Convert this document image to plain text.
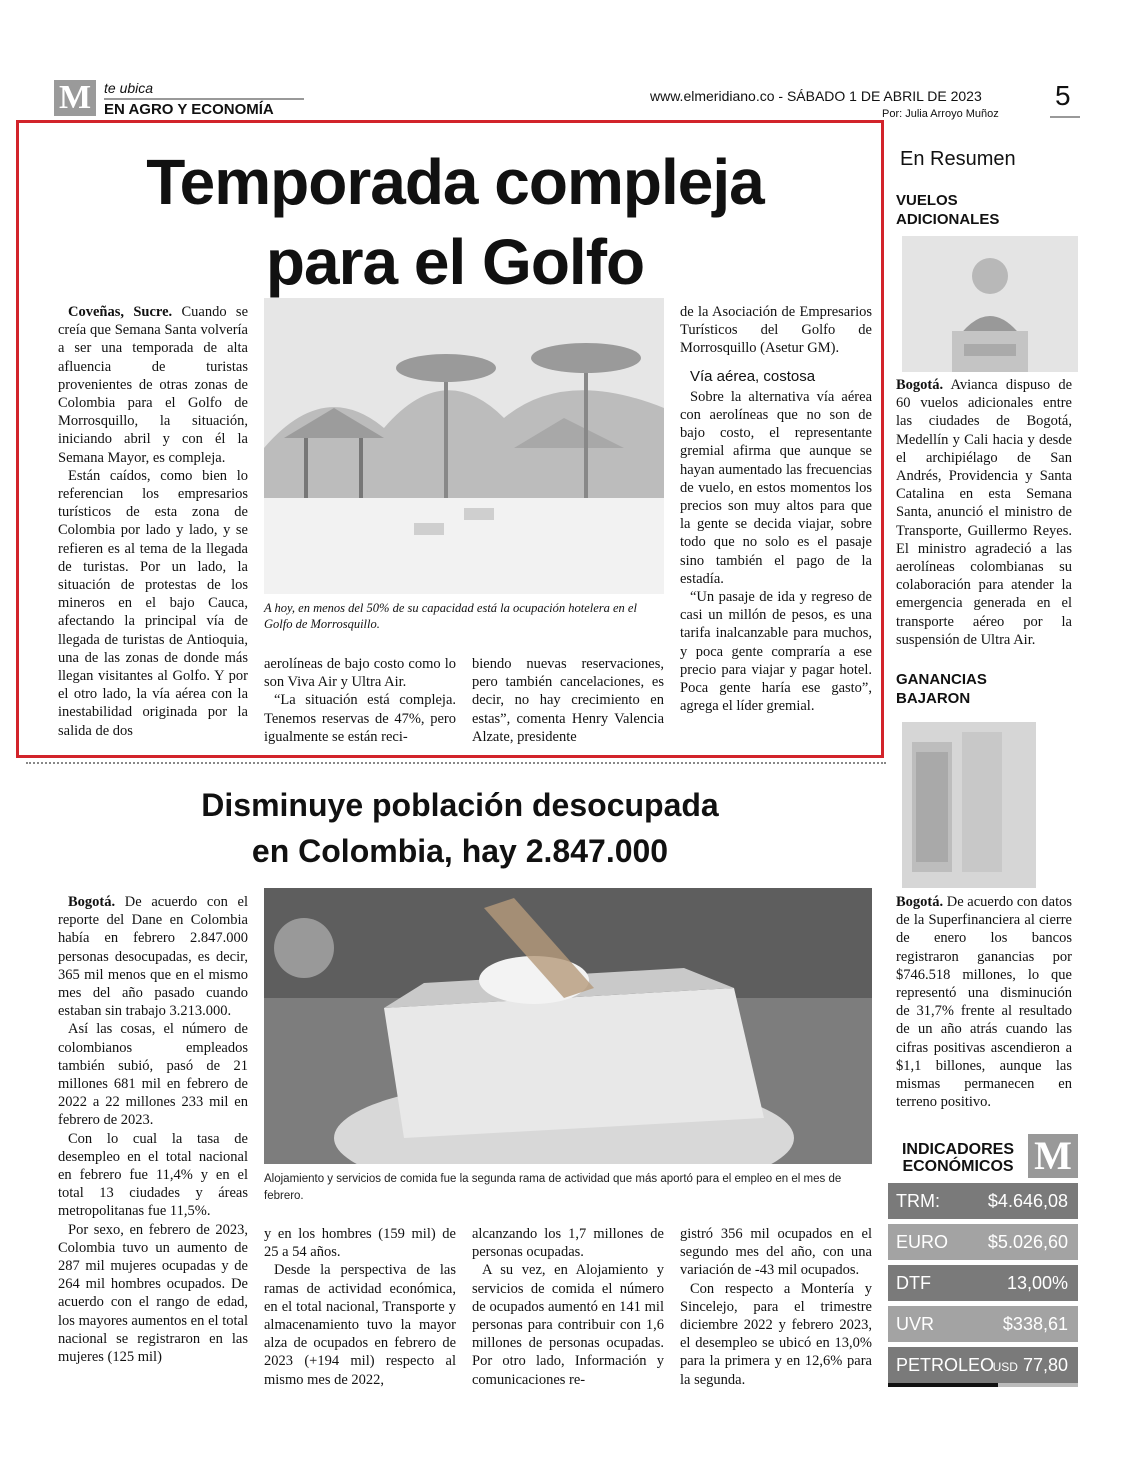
M te ubica
EN AGRO Y ECONOMÍA
www.elmeridiano.co - SÁBADO 1 DE ABRIL DE 2023
Por: Julia Arroyo Muñoz
5
Temporada compleja
para el Golfo

Coveñas, Sucre. Cuando se creía que Semana Santa volvería a ser una temporada de alta afluencia de turistas provenientes de otras zonas de Colombia para el Golfo de Morrosquillo, la situación, iniciando abril y con él la Semana Mayor, es compleja.

Están caídos, como bien lo referencian los empresarios turísticos de esta zona de Colombia por lado y lado, y se refieren es al tema de la llegada de turistas. Por un lado, la situación de protestas de los mineros en el bajo Cauca, afectando la principal vía de llegada de turistas de Antioquia, una de las zonas de donde más llegan visitantes al Golfo. Y por el otro lado, la vía aérea con la inestabilidad originada por la salida de dos

A hoy, en menos del 50% de su capacidad está la ocupación hotelera en el Golfo de Morrosquillo.

aerolíneas de bajo costo como lo son Viva Air y Ultra Air.

“La situación está compleja. Tenemos reservas de 47%, pero igualmente se están reci-

biendo nuevas reservaciones, pero también cancelaciones, es decir, no hay crecimiento en estas”, comenta Henry Valencia Alzate, presidente

de la Asociación de Empresarios Turísticos del Golfo de Morrosquillo (Asetur GM).

Vía aérea, costosa

Sobre la alternativa vía aérea con aerolíneas que no son de bajo costo, el representante gremial afirma que aunque se hayan aumentado las frecuencias de vuelo, en estos momentos los precios son muy altos para que la gente se decida viajar, sobre todo que no solo es el pasaje sino también el pago de la estadía.

“Un pasaje de ida y regreso de casi un millón de pesos, es una tarifa inalcanzable para muchos, y poca gente compraría a ese precio para viajar y pagar hotel. Poca gente haría ese gasto”, agrega el líder gremial.

Disminuye población desocupada
en Colombia, hay 2.847.000

Bogotá. De acuerdo con el reporte del Dane en Colombia había en febrero 2.847.000 personas desocupadas, es decir, 365 mil menos que en el mismo mes del año pasado cuando estaban sin trabajo 3.213.000.

Así las cosas, el número de colombianos empleados también subió, pasó de 21 millones 681 mil en febrero de 2022 a 22 millones 233 mil en febrero de 2023.

Con lo cual la tasa de desempleo en el total nacional en febrero fue 11,4% y en el total 13 ciudades y áreas metropolitanas fue 11,5%.

Por sexo, en febrero de 2023, Colombia tuvo un aumento de 287 mil mujeres ocupadas y de 264 mil hombres ocupados. De acuerdo con el rango de edad, los mayores aumentos en el total nacional se registraron en las mujeres (125 mil)

Alojamiento y servicios de comida fue la segunda rama de actividad que más aportó para el empleo en el mes de febrero.

y en los hombres (159 mil) de 25 a 54 años.

Desde la perspectiva de las ramas de actividad económica, en el total nacional, Transporte y almacenamiento tuvo la mayor alza de ocupados en febrero de 2023 (+194 mil) respecto al mismo mes de 2022,

alcanzando los 1,7 millones de personas ocupadas.

A su vez, en Alojamiento y servicios de comida el número de ocupados aumentó en 141 mil personas para contribuir con 1,6 millones de personas ocupadas. Por otro lado, Información y comunicaciones re-

gistró 356 mil ocupados en el segundo mes del año, con una variación de -43 mil ocupados.

Con respecto a Montería y Sincelejo, para el trimestre diciembre 2022 y febrero 2023, el desempleo se ubicó en 13,0% para la primera y en 12,6% para la segunda.

En Resumen
VUELOS ADICIONALES
Bogotá. Avianca dispuso de 60 vuelos adicionales entre las ciudades de Bogotá, Medellín y Cali hacia y desde el archipiélago de San Andrés, Providencia y Santa Catalina en esta Semana Santa, anunció el ministro de Transporte, Guillermo Reyes. El ministro agradeció a las aerolíneas colombianas su colaboración para atender la emergencia generada en el transporte aéreo por la suspensión de Ultra Air.
GANANCIAS BAJARON
Bogotá. De acuerdo con datos de la Superfinanciera al cierre de enero los bancos registraron ganancias por $746.518 millones, lo que representó una disminución de 31,7% frente al resultado de un año atrás cuando las cifras positivas ascendieron a $1,1 billones, aunque las mismas permanecen en terreno positivo.
INDICADORES
ECONÓMICOS M
TRM:	$4.646,08
EURO $5.026,60
DTF	13,00%
UVR	$338,61
PETROLEO
USD 77,80
